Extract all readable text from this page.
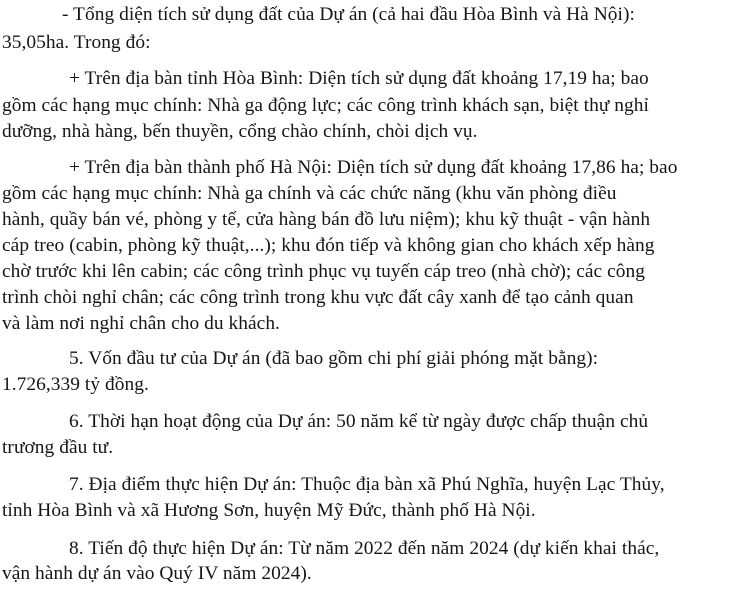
- Tổng diện tích sử dụng đất của Dự án (cả hai đầu Hòa Bình và Hà Nội):
35,05ha. Trong đó:
+ Trên địa bàn tỉnh Hòa Bình: Diện tích sử dụng đất khoảng 17,19 ha; bao
gồm các hạng mục chính: Nhà ga động lực; các công trình khách sạn, biệt thự nghỉ
dưỡng, nhà hàng, bến thuyền, cổng chào chính, chòi dịch vụ.
+ Trên địa bàn thành phố Hà Nội: Diện tích sử dụng đất khoảng 17,86 ha; bao
gồm các hạng mục chính: Nhà ga chính và các chức năng (khu văn phòng điều
hành, quầy bán vé, phòng y tế, cửa hàng bán đồ lưu niệm); khu kỹ thuật - vận hành
cáp treo (cabin, phòng kỹ thuật,...); khu đón tiếp và không gian cho khách xếp hàng
chờ trước khi lên cabin; các công trình phục vụ tuyến cáp treo (nhà chờ); các công
trình chòi nghỉ chân; các công trình trong khu vực đất cây xanh để tạo cảnh quan
và làm nơi nghỉ chân cho du khách.
5. Vốn đầu tư của Dự án (đã bao gồm chi phí giải phóng mặt bằng):
1.726,339 tỷ đồng.
6. Thời hạn hoạt động của Dự án: 50 năm kể từ ngày được chấp thuận chủ
trương đầu tư.
7. Địa điểm thực hiện Dự án: Thuộc địa bàn xã Phú Nghĩa, huyện Lạc Thủy,
tỉnh Hòa Bình và xã Hương Sơn, huyện Mỹ Đức, thành phố Hà Nội.
8. Tiến độ thực hiện Dự án: Từ năm 2022 đến năm 2024 (dự kiến khai thác,
vận hành dự án vào Quý IV năm 2024).
